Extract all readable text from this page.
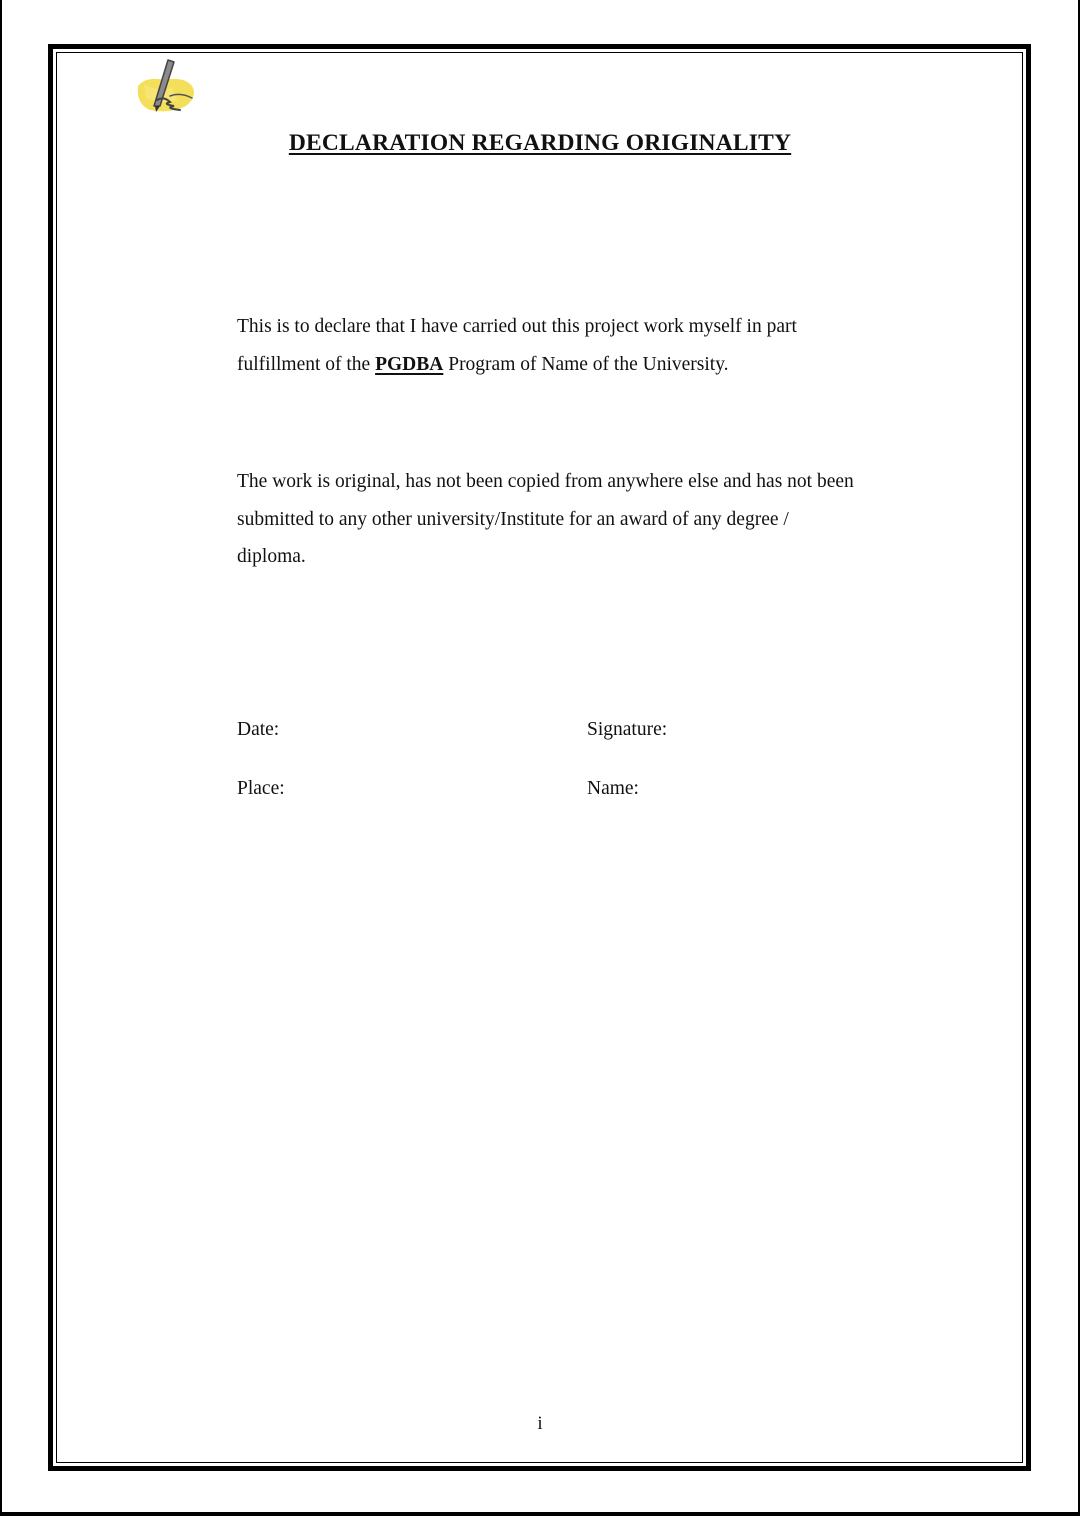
DECLARATION REGARDING ORIGINALITY
This is to declare that I have carried out this project work myself in part fulfillment of the PGDBA Program of Name of the University.
The work is original, has not been copied from anywhere else and has not been submitted to any other university/Institute for an award of any degree / diploma.
Date:	Signature:
Place:	Name:
i
